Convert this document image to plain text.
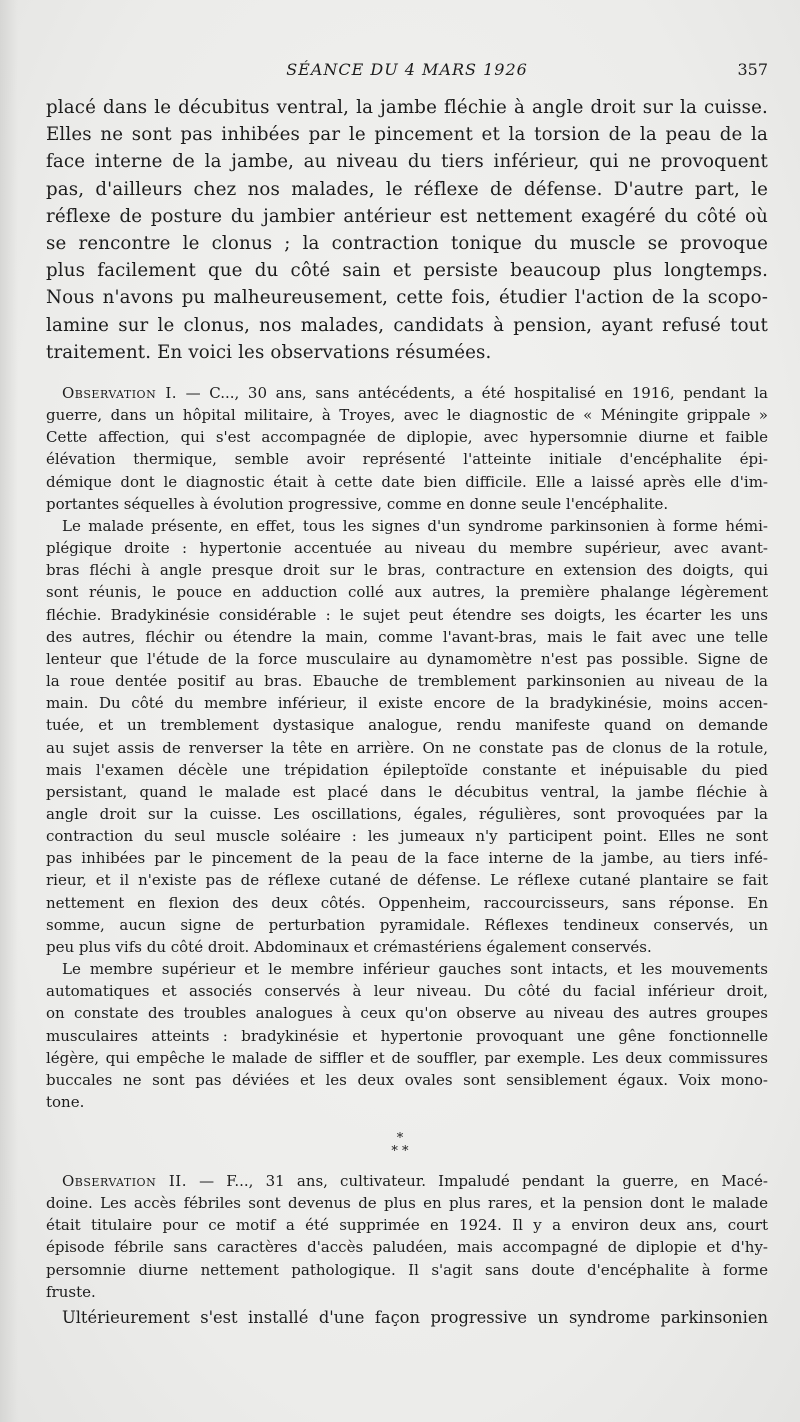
SÉANCE DU 4 MARS 1926	357
placé dans le décubitus ventral, la jambe fléchie à angle droit sur la cuisse.
Elles ne sont pas inhibées par le pincement et la torsion de la peau de la
face interne de la jambe, au niveau du tiers inférieur, qui ne provoquent
pas, d'ailleurs chez nos malades, le réflexe de défense. D'autre part, le
réflexe de posture du jambier antérieur est nettement exagéré du côté où
se rencontre le clonus ; la contraction tonique du muscle se provoque
plus facilement que du côté sain et persiste beaucoup plus longtemps.
Nous n'avons pu malheureusement, cette fois, étudier l'action de la scopo-
lamine sur le clonus, nos malades, candidats à pension, ayant refusé tout
traitement. En voici les observations résumées.
Observation I. — C..., 30 ans, sans antécédents, a été hospitalisé en 1916, pendant la
guerre, dans un hôpital militaire, à Troyes, avec le diagnostic de « Méningite grippale »
Cette affection, qui s'est accompagnée de diplopie, avec hypersomnie diurne et faible
élévation thermique, semble avoir représenté l'atteinte initiale d'encéphalite épi-
démique dont le diagnostic était à cette date bien difficile. Elle a laissé après elle d'im-
portantes séquelles à évolution progressive, comme en donne seule l'encéphalite.
Le malade présente, en effet, tous les signes d'un syndrome parkinsonien à forme hémi-
plégique droite : hypertonie accentuée au niveau du membre supérieur, avec avant-
bras fléchi à angle presque droit sur le bras, contracture en extension des doigts, qui
sont réunis, le pouce en adduction collé aux autres, la première phalange légèrement
fléchie. Bradykinésie considérable : le sujet peut étendre ses doigts, les écarter les uns
des autres, fléchir ou étendre la main, comme l'avant-bras, mais le fait avec une telle
lenteur que l'étude de la force musculaire au dynamomètre n'est pas possible. Signe de
la roue dentée positif au bras. Ebauche de tremblement parkinsonien au niveau de la
main. Du côté du membre inférieur, il existe encore de la bradykinésie, moins accen-
tuée, et un tremblement dystasique analogue, rendu manifeste quand on demande
au sujet assis de renverser la tête en arrière. On ne constate pas de clonus de la rotule,
mais l'examen décèle une trépidation épileptoïde constante et inépuisable du pied
persistant, quand le malade est placé dans le décubitus ventral, la jambe fléchie à
angle droit sur la cuisse. Les oscillations, égales, régulières, sont provoquées par la
contraction du seul muscle soléaire : les jumeaux n'y participent point. Elles ne sont
pas inhibées par le pincement de la peau de la face interne de la jambe, au tiers infé-
rieur, et il n'existe pas de réflexe cutané de défense. Le réflexe cutané plantaire se fait
nettement en flexion des deux côtés. Oppenheim, raccourcisseurs, sans réponse. En
somme, aucun signe de perturbation pyramidale. Réflexes tendineux conservés, un
peu plus vifs du côté droit. Abdominaux et crémastériens également conservés.
Le membre supérieur et le membre inférieur gauches sont intacts, et les mouvements
automatiques et associés conservés à leur niveau. Du côté du facial inférieur droit,
on constate des troubles analogues à ceux qu'on observe au niveau des autres groupes
musculaires atteints : bradykinésie et hypertonie provoquant une gêne fonctionnelle
légère, qui empêche le malade de siffler et de souffler, par exemple. Les deux commissures
buccales ne sont pas déviées et les deux ovales sont sensiblement égaux. Voix mono-
tone.
*
* *
Observation II. — F..., 31 ans, cultivateur. Impaludé pendant la guerre, en Macé-
doine. Les accès fébriles sont devenus de plus en plus rares, et la pension dont le malade
était titulaire pour ce motif a été supprimée en 1924. Il y a environ deux ans, court
épisode fébrile sans caractères d'accès paludéen, mais accompagné de diplopie et d'hy-
persomnie diurne nettement pathologique. Il s'agit sans doute d'encéphalite à forme
fruste.
Ultérieurement s'est installé d'une façon progressive un syndrome parkinsonien
